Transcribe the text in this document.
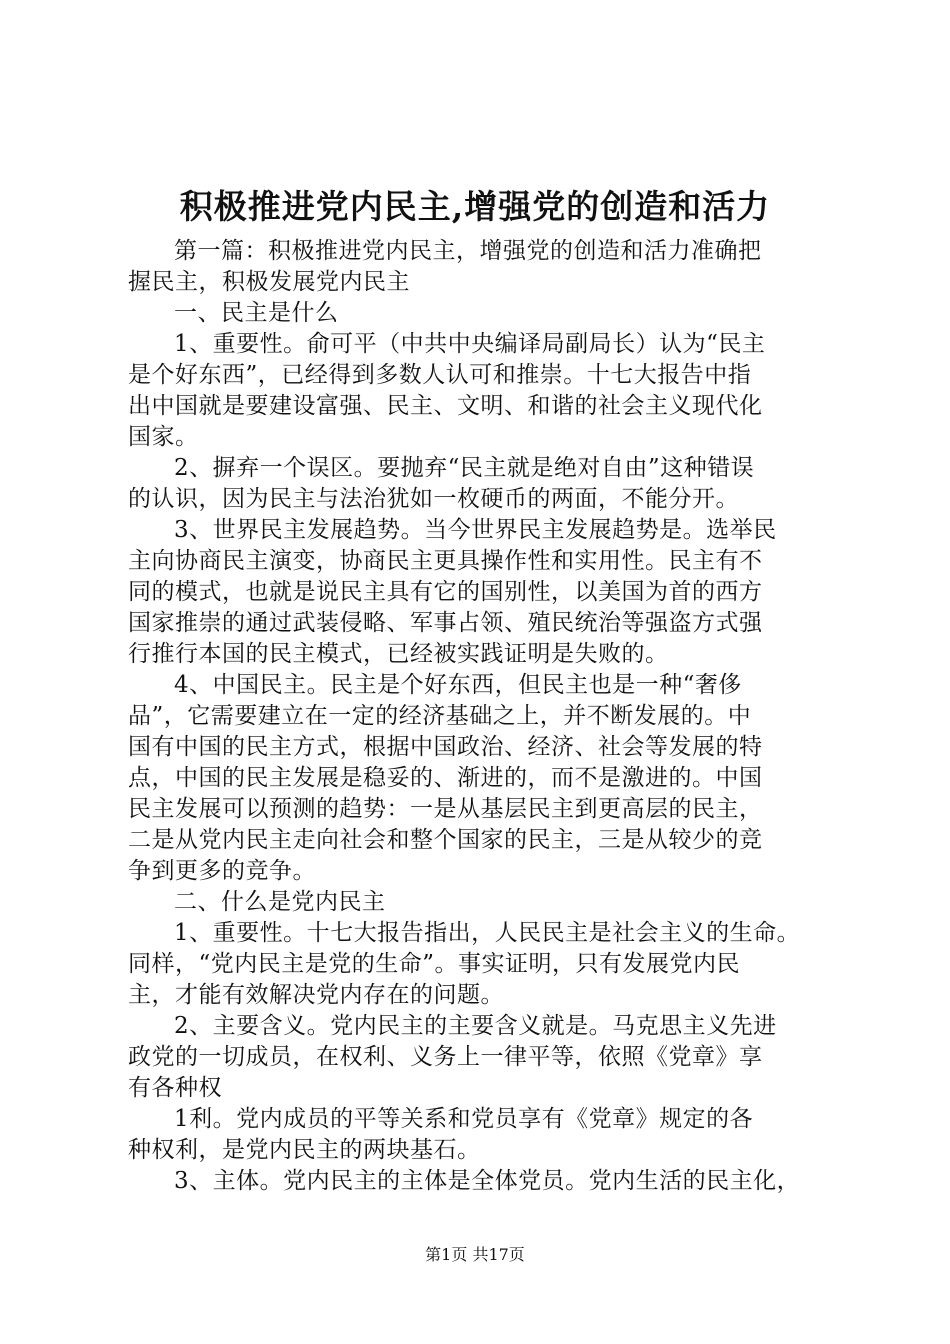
积极推进党内民主,增强党的创造和活力
第一篇：积极推进党内民主，增强党的创造和活力准确把
握民主，积极发展党内民主
一、民主是什么
1、重要性。俞可平（中共中央编译局副局长）认为“民主
是个好东西”，已经得到多数人认可和推崇。十七大报告中指
出中国就是要建设富强、民主、文明、和谐的社会主义现代化
国家。
2、摒弃一个误区。要抛弃“民主就是绝对自由”这种错误
的认识，因为民主与法治犹如一枚硬币的两面，不能分开。
3、世界民主发展趋势。当今世界民主发展趋势是。选举民
主向协商民主演变，协商民主更具操作性和实用性。民主有不
同的模式，也就是说民主具有它的国别性，以美国为首的西方
国家推崇的通过武装侵略、军事占领、殖民统治等强盗方式强
行推行本国的民主模式，已经被实践证明是失败的。
4、中国民主。民主是个好东西，但民主也是一种“奢侈
品”，它需要建立在一定的经济基础之上，并不断发展的。中
国有中国的民主方式，根据中国政治、经济、社会等发展的特
点，中国的民主发展是稳妥的、渐进的，而不是激进的。中国
民主发展可以预测的趋势：一是从基层民主到更高层的民主，
二是从党内民主走向社会和整个国家的民主，三是从较少的竞
争到更多的竞争。
二、什么是党内民主
1、重要性。十七大报告指出，人民民主是社会主义的生命。
同样，“党内民主是党的生命”。事实证明，只有发展党内民
主，才能有效解决党内存在的问题。
2、主要含义。党内民主的主要含义就是。马克思主义先进
政党的一切成员，在权利、义务上一律平等，依照《党章》享
有各种权
1利。党内成员的平等关系和党员享有《党章》规定的各
种权利，是党内民主的两块基石。
3、主体。党内民主的主体是全体党员。党内生活的民主化，
第1页 共17页
